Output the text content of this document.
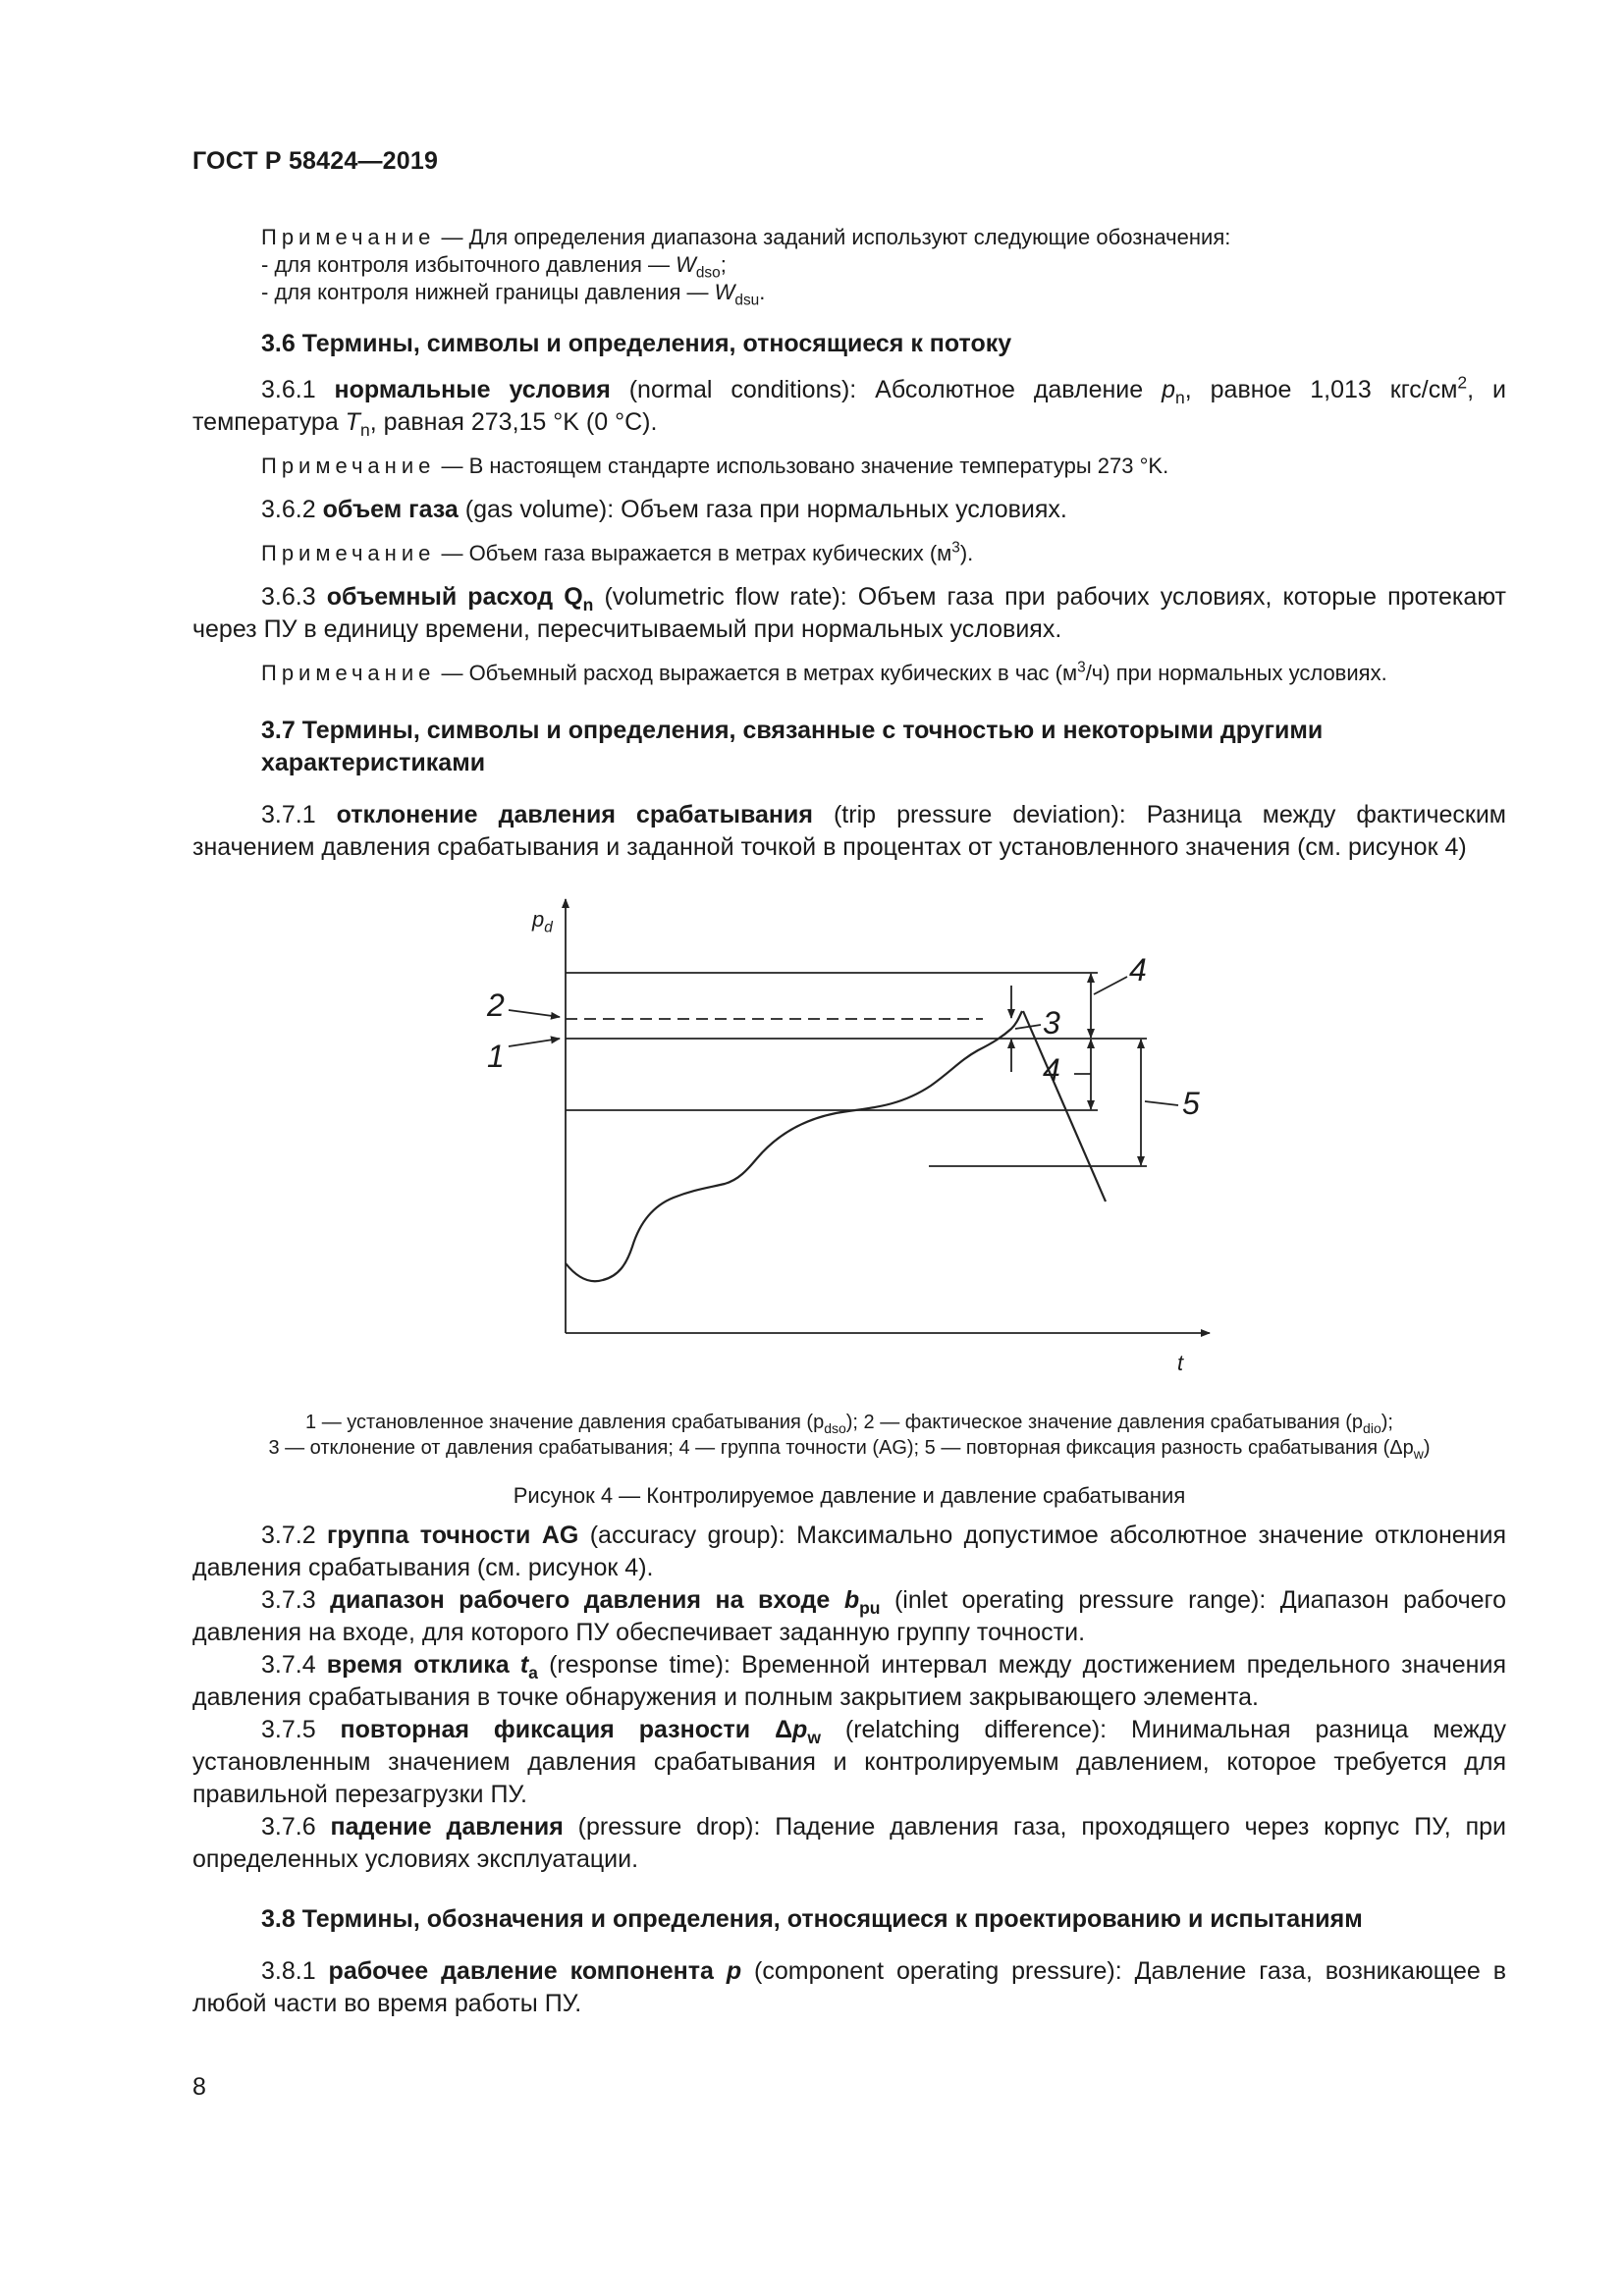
ГОСТ Р 58424—2019

Примечание — Для определения диапазона заданий используют следующие обозначения:

- для контроля избыточного давления — $W_{dso}$;

- для контроля нижней границы давления — $W_{dsu}$.

3.6 Термины, символы и определения, относящиеся к потоку

3.6.1 нормальные условия (normal conditions): Абсолютное давление $p_n$, равное 1,013 кгс/$см^2$, и температура $T_n$, равная 273,15 °K (0 °С).

Примечание — В настоящем стандарте использовано значение температуры 273 °K.

3.6.2 объем газа (gas volume): Объем газа при нормальных условиях.

Примечание — Объем газа выражается в метрах кубических $(м^3)$.

3.6.3 объемный расход $Q_n$ (volumetric flow rate): Объем газа при рабочих условиях, которые протекают через ПУ в единицу времени, пересчитываемый при нормальных условиях.

Примечание — Объемный расход выражается в метрах кубических в час $(м^3/ч)$ при нормальных условиях.

3.7 Термины, символы и определения, связанные с точностью и некоторыми другими
характеристиками

3.7.1 отклонение давления срабатывания (trip pressure deviation): Разница между фактическим значением давления срабатывания и заданной точкой в процентах от установленного значения (см. рисунок 4)

$p_d$
t
2
1
3
4
4
5
1 — установленное значение давления срабатывания $(p_{dso})$; 2 — фактическое значение давления срабатывания $(p_{dio})$;
3 — отклонение от давления срабатывания; 4 — группа точности (AG); 5 — повторная фиксация разность срабатывания $(\Delta p_w)$
Рисунок 4 — Контролируемое давление и давление срабатывания

3.7.2 группа точности AG (accuracy group): Максимально допустимое абсолютное значение отклонения давления срабатывания (см. рисунок 4).

3.7.3 диапазон рабочего давления на входе $b_{pu}$ (inlet operating pressure range): Диапазон рабочего давления на входе, для которого ПУ обеспечивает заданную группу точности.

3.7.4 время отклика $t_a$ (response time): Временной интервал между достижением предельного значения давления срабатывания в точке обнаружения и полным закрытием закрывающего элемента.

3.7.5 повторная фиксация разности $\Delta p_w$ (relatching difference): Минимальная разница между установленным значением давления срабатывания и контролируемым давлением, которое требуется для правильной перезагрузки ПУ.

3.7.6 падение давления (pressure drop): Падение давления газа, проходящего через корпус ПУ, при определенных условиях эксплуатации.

3.8 Термины, обозначения и определения, относящиеся к проектированию и испытаниям

3.8.1 рабочее давление компонента p (component operating pressure): Давление газа, возникающее в любой части во время работы ПУ.

8
